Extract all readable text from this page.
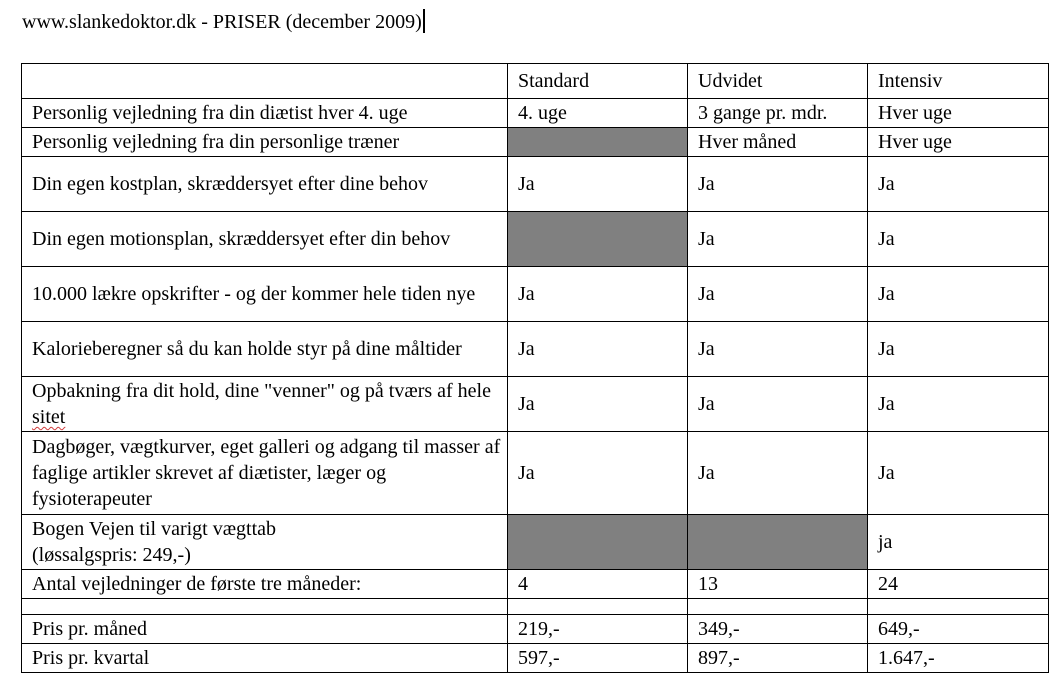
www.slankedoktor.dk - PRISER (december 2009)
	Standard	Udvidet	Intensiv
Personlig vejledning fra din diætist hver 4. uge	4. uge	3 gange pr. mdr.	Hver uge
Personlig vejledning fra din personlige træner		Hver måned	Hver uge
Din egen kostplan, skræddersyet efter dine behov	Ja	Ja	Ja
Din egen motionsplan, skræddersyet efter din behov		Ja	Ja
10.000 lækre opskrifter - og der kommer hele tiden nye	Ja	Ja	Ja
Kalorieberegner så du kan holde styr på dine måltider	Ja	Ja	Ja
Opbakning fra dit hold, dine "venner" og på tværs af hele sitet	Ja	Ja	Ja
Dagbøger, vægtkurver, eget galleri og adgang til masser af faglige artikler skrevet af diætister, læger og fysioterapeuter	Ja	Ja	Ja
Bogen Vejen til varigt vægttab
(løssalgspris: 249,-)			ja
Antal vejledninger de første tre måneder:	4	13	24

Pris pr. måned	219,-	349,-	649,-
Pris pr. kvartal	597,-	897,-	1.647,-
